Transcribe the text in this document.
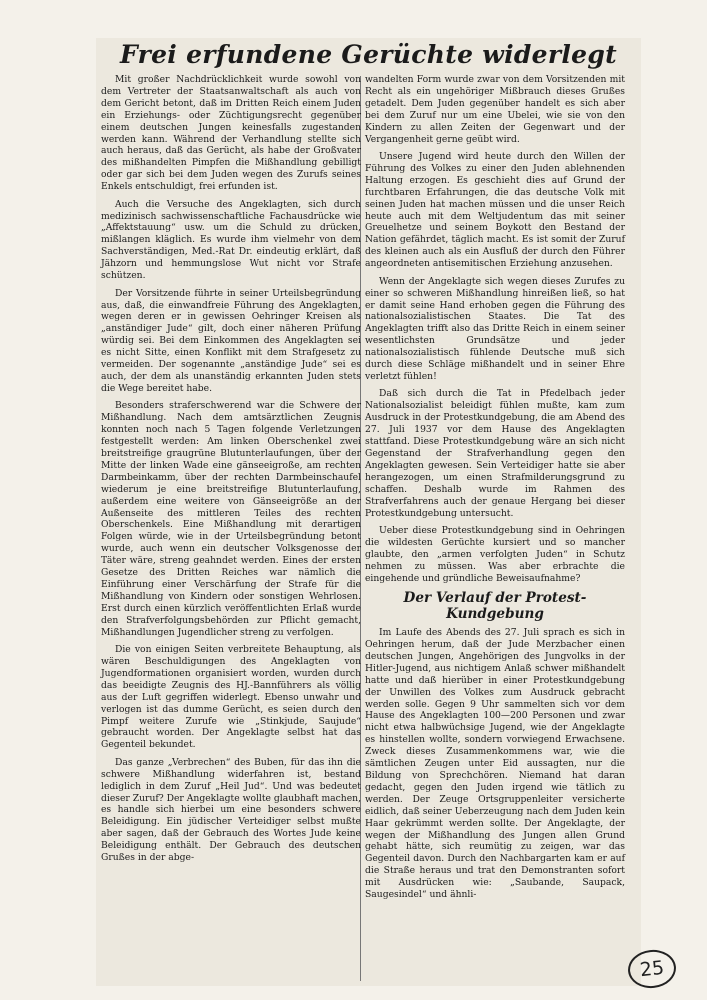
Frei erfundene Gerüchte widerlegt

Mit großer Nachdrücklichkeit wurde sowohl von dem Vertreter der Staatsanwaltschaft als auch von dem Gericht betont, daß im Dritten Reich einem Juden ein Erziehungs- oder Züchtigungsrecht gegenüber einem deutschen Jungen keinesfalls zugestanden werden kann. Während der Verhandlung stellte sich auch heraus, daß das Gerücht, als habe der Großvater des mißhandelten Pimpfen die Mißhandlung gebilligt oder gar sich bei dem Juden wegen des Zurufs seines Enkels entschuldigt, frei erfunden ist.

Auch die Versuche des Angeklagten, sich durch medizinisch sachwissenschaftliche Fachausdrücke wie „Affektstauung“ usw. um die Schuld zu drücken, mißlangen kläglich. Es wurde ihm vielmehr von dem Sachverständigen, Med.-Rat Dr. eindeutig erklärt, daß Jähzorn und hemmungslose Wut nicht vor Strafe schützen.

Der Vorsitzende führte in seiner Urteilsbegründung aus, daß, die einwandfreie Führung des Angeklagten, wegen deren er in gewissen Oehringer Kreisen als „anständiger Jude“ gilt, doch einer näheren Prüfung würdig sei. Bei dem Einkommen des Angeklagten sei es nicht Sitte, einen Konflikt mit dem Strafgesetz zu vermeiden. Der sogenannte „anständige Jude“ sei es auch, der dem als unanständig erkannten Juden stets die Wege bereitet habe.

Besonders straferschwerend war die Schwere der Mißhandlung. Nach dem amtsärztlichen Zeugnis konnten noch nach 5 Tagen folgende Verletzungen festgestellt werden: Am linken Oberschenkel zwei breitstreifige graugrüne Blutunterlaufungen, über der Mitte der linken Wade eine gänseeigroße, am rechten Darmbeinkamm, über der rechten Darmbeinschaufel wiederum je eine breitstreifige Blutunterlaufung, außerdem eine weitere von Gänseeigröße an der Außenseite des mittleren Teiles des rechten Oberschenkels. Eine Mißhandlung mit derartigen Folgen würde, wie in der Urteilsbegründung betont wurde, auch wenn ein deutscher Volksgenosse der Täter wäre, streng geahndet werden. Eines der ersten Gesetze des Dritten Reiches war nämlich die Einführung einer Verschärfung der Strafe für die Mißhandlung von Kindern oder sonstigen Wehrlosen. Erst durch einen kürzlich veröffentlichten Erlaß wurde den Strafverfolgungsbehörden zur Pflicht gemacht, Mißhandlungen Jugendlicher streng zu verfolgen.

Die von einigen Seiten verbreitete Behauptung, als wären Beschuldigungen des Angeklagten von Jugendformationen organisiert worden, wurden durch das beeidigte Zeugnis des HJ.-Bannführers als völlig aus der Luft gegriffen widerlegt. Ebenso unwahr und verlogen ist das dumme Gerücht, es seien durch den Pimpf weitere Zurufe wie „Stinkjude, Saujude“ gebraucht worden. Der Angeklagte selbst hat das Gegenteil bekundet.

Das ganze „Verbrechen“ des Buben, für das ihn die schwere Mißhandlung widerfahren ist, bestand lediglich in dem Zuruf „Heil Jud“. Und was bedeutet dieser Zuruf? Der Angeklagte wollte glaubhaft machen, es handle sich hierbei um eine besonders schwere Beleidigung. Ein jüdischer Verteidiger selbst mußte aber sagen, daß der Gebrauch des Wortes Jude keine Beleidigung enthält. Der Gebrauch des deutschen Grußes in der abge-

wandelten Form wurde zwar von dem Vorsitzenden mit Recht als ein ungehöriger Mißbrauch dieses Grußes getadelt. Dem Juden gegenüber handelt es sich aber bei dem Zuruf nur um eine Ubelei, wie sie von den Kindern zu allen Zeiten der Gegenwart und der Vergangenheit gerne geübt wird.

Unsere Jugend wird heute durch den Willen der Führung des Volkes zu einer den Juden ablehnenden Haltung erzogen. Es geschieht dies auf Grund der furchtbaren Erfahrungen, die das deutsche Volk mit seinen Juden hat machen müssen und die unser Reich heute auch mit dem Weltjudentum das mit seiner Greuelhetze und seinem Boykott den Bestand der Nation gefährdet, täglich macht. Es ist somit der Zuruf des kleinen auch als ein Ausfluß der durch den Führer angeordneten antisemitischen Erziehung anzusehen.

Wenn der Angeklagte sich wegen dieses Zurufes zu einer so schweren Mißhandlung hinreißen ließ, so hat er damit seine Hand erhoben gegen die Führung des nationalsozialistischen Staates. Die Tat des Angeklagten trifft also das Dritte Reich in einem seiner wesentlichsten Grundsätze und jeder nationalsozialistisch fühlende Deutsche muß sich durch diese Schläge mißhandelt und in seiner Ehre verletzt fühlen!

Daß sich durch die Tat in Pfedelbach jeder Nationalsozialist beleidigt fühlen mußte, kam zum Ausdruck in der Protestkundgebung, die am Abend des 27. Juli 1937 vor dem Hause des Angeklagten stattfand. Diese Protestkundgebung wäre an sich nicht Gegenstand der Strafverhandlung gegen den Angeklagten gewesen. Sein Verteidiger hatte sie aber herangezogen, um einen Strafmilderungsgrund zu schaffen. Deshalb wurde im Rahmen des Strafverfahrens auch der genaue Hergang bei dieser Protestkundgebung untersucht.

Ueber diese Protestkundgebung sind in Oehringen die wildesten Gerüchte kursiert und so mancher glaubte, den „armen verfolgten Juden“ in Schutz nehmen zu müssen. Was aber erbrachte die eingehende und gründliche Beweisaufnahme?

Der Verlauf der Protest-Kundgebung

Im Laufe des Abends des 27. Juli sprach es sich in Oehringen herum, daß der Jude Merzbacher einen deutschen Jungen, Angehörigen des Jungvolks in der Hitler-Jugend, aus nichtigem Anlaß schwer mißhandelt hatte und daß hierüber in einer Protestkundgebung der Unwillen des Volkes zum Ausdruck gebracht werden solle. Gegen 9 Uhr sammelten sich vor dem Hause des Angeklagten 100—200 Personen und zwar nicht etwa halbwüchsige Jugend, wie der Angeklagte es hinstellen wollte, sondern vorwiegend Erwachsene. Zweck dieses Zusammenkommens war, wie die sämtlichen Zeugen unter Eid aussagten, nur die Bildung von Sprechchören. Niemand hat daran gedacht, gegen den Juden irgend wie tätlich zu werden. Der Zeuge Ortsgruppenleiter versicherte eidlich, daß seiner Ueberzeugung nach dem Juden kein Haar gekrümmt werden sollte. Der Angeklagte, der wegen der Mißhandlung des Jungen allen Grund gehabt hätte, sich reumütig zu zeigen, war das Gegenteil davon. Durch den Nachbargarten kam er auf die Straße heraus und trat den Demonstranten sofort mit Ausdrücken wie: „Saubande, Saupack, Saugesindel“ und ähnli-

25
